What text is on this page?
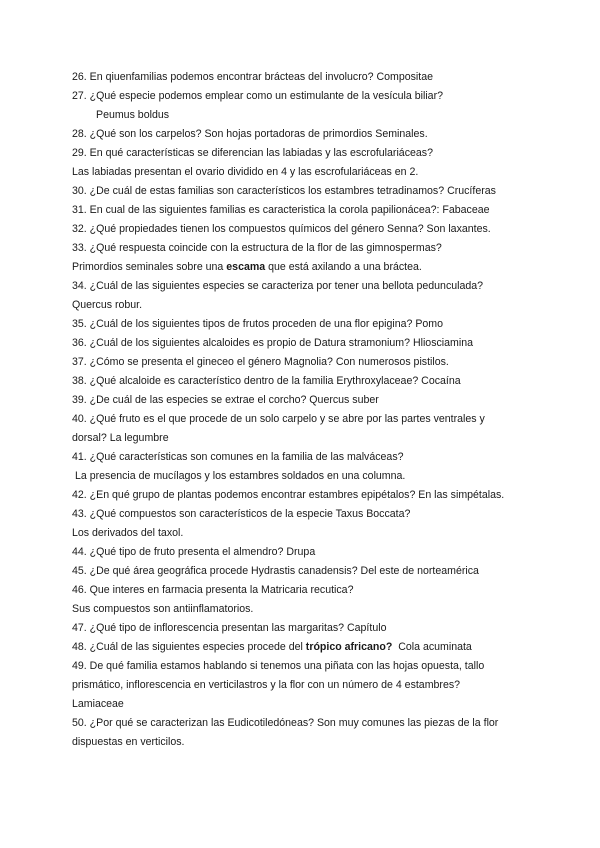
26. En qiuenfamilias podemos encontrar brácteas del involucro? Compositae

27. ¿Qué especie podemos emplear como un estimulante de la vesícula biliar?

Peumus boldus

28. ¿Qué son los carpelos? Son hojas portadoras de primordios Seminales.

29. En qué características se diferencian las labiadas y las escrofulariáceas?

Las labiadas presentan el ovario dividido en 4 y las escrofulariáceas en 2.

30. ¿De cuál de estas familias son característicos los estambres tetradinamos? Crucíferas

31. En cual de las siguientes familias es caracteristica la corola papilionácea?: Fabaceae

32. ¿Qué propiedades tienen los compuestos químicos del género Senna? Son laxantes.

33. ¿Qué respuesta coincide con la estructura de la flor de las gimnospermas?

Primordios seminales sobre una escama que está axilando a una bráctea.

34. ¿Cuál de las siguientes especies se caracteriza por tener una bellota pedunculada?

Quercus robur.

35. ¿Cuál de los siguientes tipos de frutos proceden de una flor epigina? Pomo

36. ¿Cuál de los siguientes alcaloides es propio de Datura stramonium? Hliosciamina

37. ¿Cómo se presenta el gineceo el género Magnolia? Con numerosos pistilos.

38. ¿Qué alcaloide es característico dentro de la familia Erythroxylaceae? Cocaína

39. ¿De cuál de las especies se extrae el corcho? Quercus suber

40. ¿Qué fruto es el que procede de un solo carpelo y se abre por las partes ventrales y

dorsal? La legumbre

41. ¿Qué características son comunes en la familia de las malváceas?

La presencia de mucílagos y los estambres soldados en una columna.

42. ¿En qué grupo de plantas podemos encontrar estambres epipétalos? En las simpétalas.

43. ¿Qué compuestos son característicos de la especie Taxus Boccata?

Los derivados del taxol.

44. ¿Qué tipo de fruto presenta el almendro? Drupa

45. ¿De qué área geográfica procede Hydrastis canadensis? Del este de norteamérica

46. Que interes en farmacia presenta la Matricaria recutica?

Sus compuestos son antiinflamatorios.

47. ¿Qué tipo de inflorescencia presentan las margaritas? Capítulo

48. ¿Cuál de las siguientes especies procede del trópico africano?  Cola acuminata

49. De qué familia estamos hablando si tenemos una piñata con las hojas opuesta, tallo

prismático, inflorescencia en verticilastros y la flor con un número de 4 estambres?

Lamiaceae

50. ¿Por qué se caracterizan las Eudicotiledóneas? Son muy comunes las piezas de la flor

dispuestas en verticilos.
